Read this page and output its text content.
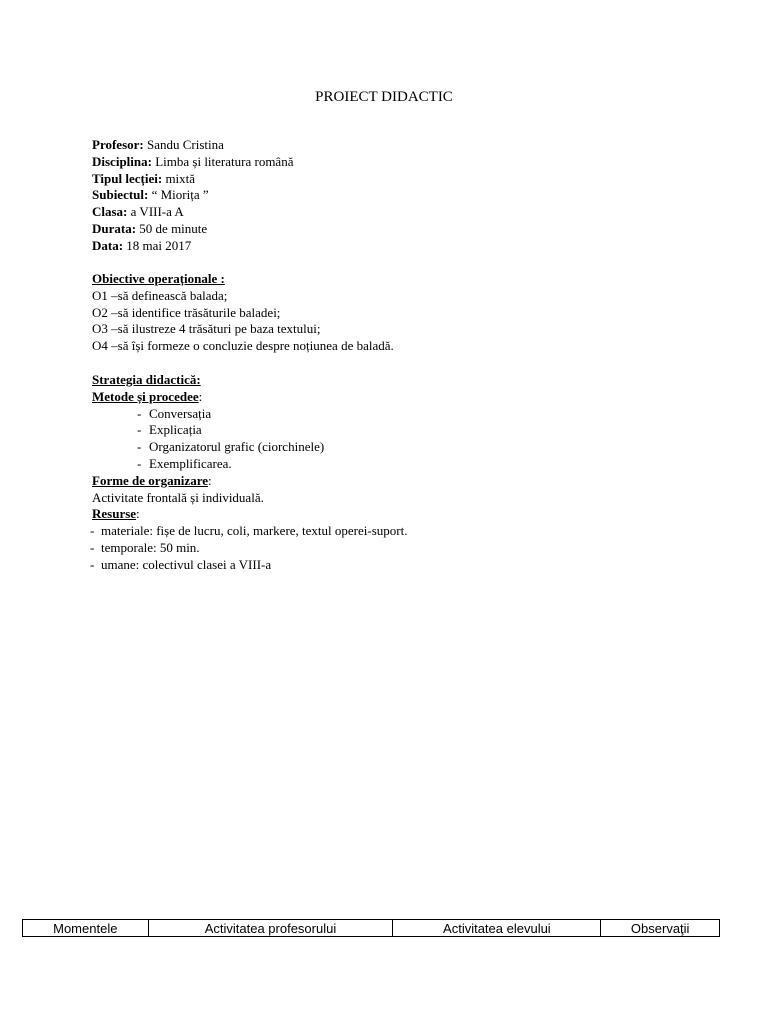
PROIECT DIDACTIC
Profesor: Sandu Cristina
Disciplina: Limba și literatura română
Tipul lecției: mixtă
Subiectul: “ Miorița ”
Clasa: a VIII-a A
Durata: 50 de minute
Data: 18 mai 2017
Obiective operaționale :
O1 –să definească balada;
O2 –să identifice trăsăturile baladei;
O3 –să ilustreze 4 trăsături pe baza textului;
O4 –să își formeze o concluzie despre noțiunea de baladă.
Strategia didactică:
Metode și procedee:
- Conversația
- Explicația
- Organizatorul grafic (ciorchinele)
- Exemplificarea.
Forme de organizare:
Activitate frontală și individuală.
Resurse:
- materiale: fișe de lucru, coli, markere, textul operei-suport.
- temporale: 50 min.
- umane: colectivul clasei a VIII-a
Momentele	Activitatea profesorului	Activitatea elevului	Observaţii
